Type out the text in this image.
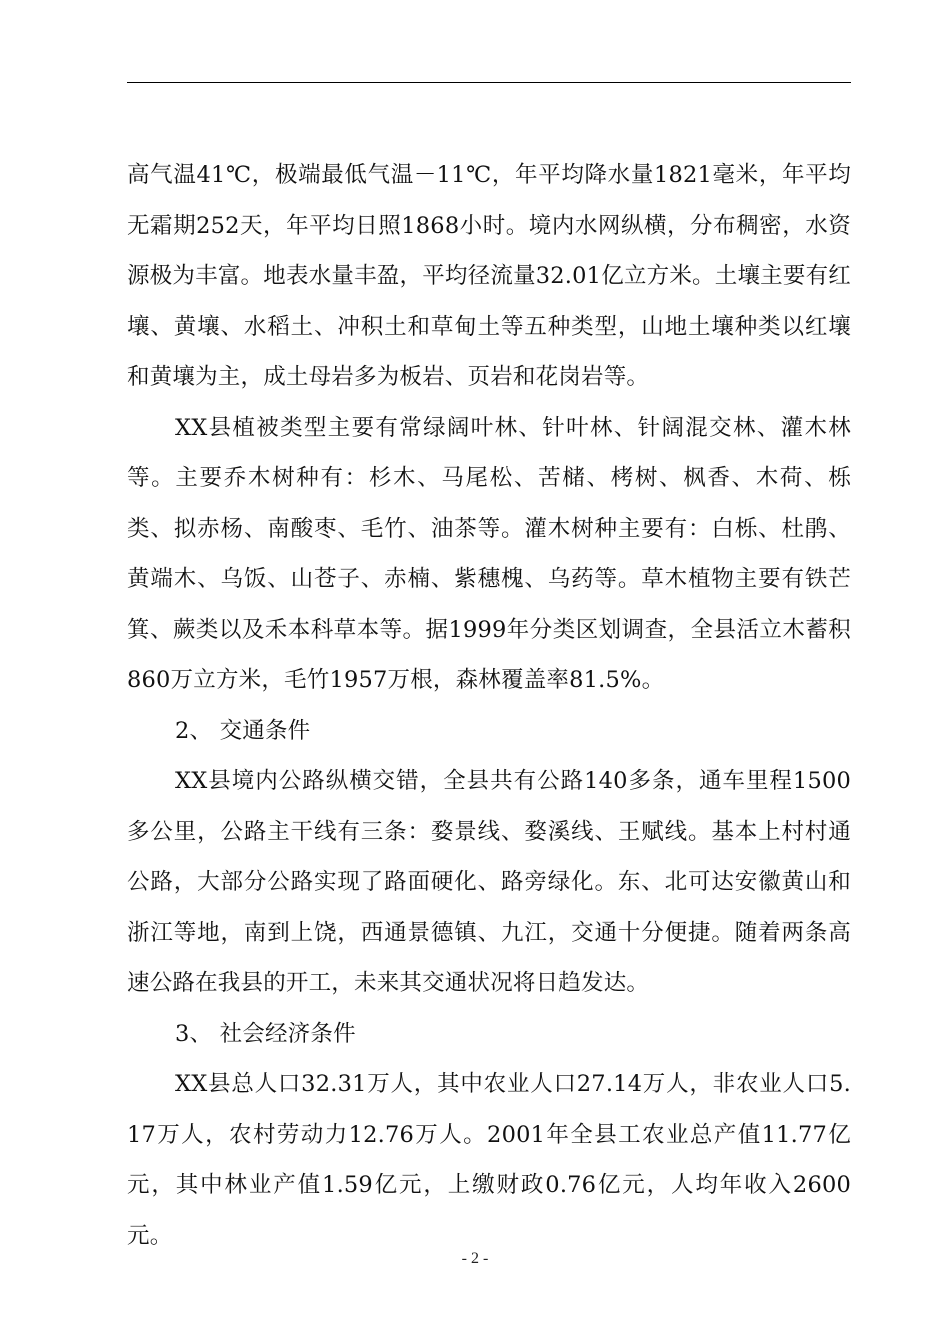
高气温41℃，极端最低气温－11℃，年平均降水量1821毫米，年平均无霜期252天，年平均日照1868小时。境内水网纵横，分布稠密，水资源极为丰富。地表水量丰盈，平均径流量32.01亿立方米。土壤主要有红壤、黄壤、水稻土、冲积土和草甸土等五种类型，山地土壤种类以红壤和黄壤为主，成土母岩多为板岩、页岩和花岗岩等。

XX县植被类型主要有常绿阔叶林、针叶林、针阔混交林、灌木林等。主要乔木树种有：杉木、马尾松、苦槠、栲树、枫香、木荷、栎类、拟赤杨、南酸枣、毛竹、油茶等。灌木树种主要有：白栎、杜鹃、黄端木、乌饭、山苍子、赤楠、紫穗槐、乌药等。草木植物主要有铁芒箕、蕨类以及禾本科草本等。据1999年分类区划调查，全县活立木蓄积860万立方米，毛竹1957万根，森林覆盖率81.5%。

2、 交通条件

XX县境内公路纵横交错，全县共有公路140多条，通车里程1500多公里，公路主干线有三条：婺景线、婺溪线、王赋线。基本上村村通公路，大部分公路实现了路面硬化、路旁绿化。东、北可达安徽黄山和浙江等地，南到上饶，西通景德镇、九江，交通十分便捷。随着两条高速公路在我县的开工，未来其交通状况将日趋发达。

3、 社会经济条件

XX县总人口32.31万人，其中农业人口27.14万人，非农业人口5.17万人，农村劳动力12.76万人。2001年全县工农业总产值11.77亿元，其中林业产值1.59亿元，上缴财政0.76亿元，人均年收入2600元。

- 2 -
